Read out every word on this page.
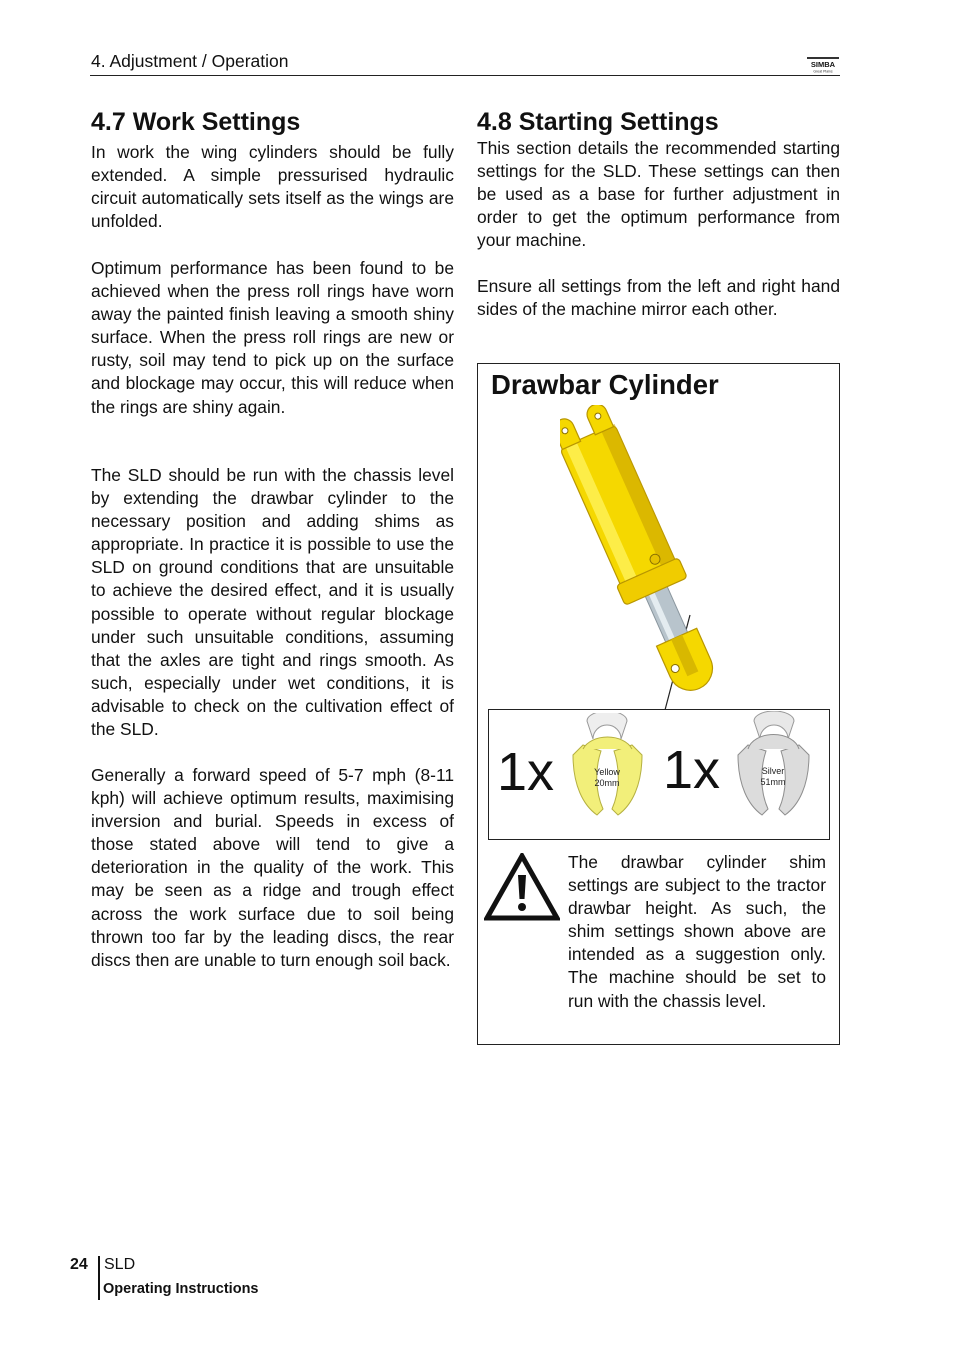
4. Adjustment / Operation	SIMBA
Great Plains
4.7 Work Settings

In work the wing cylinders should be fully extended. A simple pressurised hydraulic circuit automatically sets itself as the wings are unfolded.

Optimum performance has been found to be achieved when the press roll rings have worn away the painted finish leaving a smooth shiny surface. When the press roll rings are new or rusty, soil may tend to pick up on the surface and blockage may occur, this will reduce when the rings are shiny again.

The SLD should be run with the chassis level by extending the drawbar cylinder to the necessary position and adding shims as appropriate. In practice it is possible to use the SLD on ground conditions that are unsuitable to achieve the desired effect, and it is usually possible to operate without regular blockage under such unsuitable conditions, assuming that the axles are tight and rings smooth. As such, especially under wet conditions, it is advisable to check on the cultivation effect of the SLD.

Generally a forward speed of 5-7 mph (8-11 kph) will achieve optimum results, maximising inversion and burial. Speeds in excess of those stated above will tend to give a deterioration in the quality of the work. This may be seen as a ridge and trough effect across the work surface due to soil being thrown too far by the leading discs, the rear discs then are unable to turn enough soil back.

4.8 Starting Settings

This section details the recommended starting settings for the SLD. These settings can then be used as a base for further adjustment in order to get the optimum performance from your machine.

Ensure all settings from the left and right hand sides of the machine mirror each other.

Drawbar Cylinder
1x	Yellow
20mm 1x	Silver
51mm
The drawbar cylinder shim settings are subject to the tractor drawbar height. As such, the shim settings shown above are intended as a suggestion only. The machine should be set to run with the chassis level.
24 SLD
Operating Instructions
